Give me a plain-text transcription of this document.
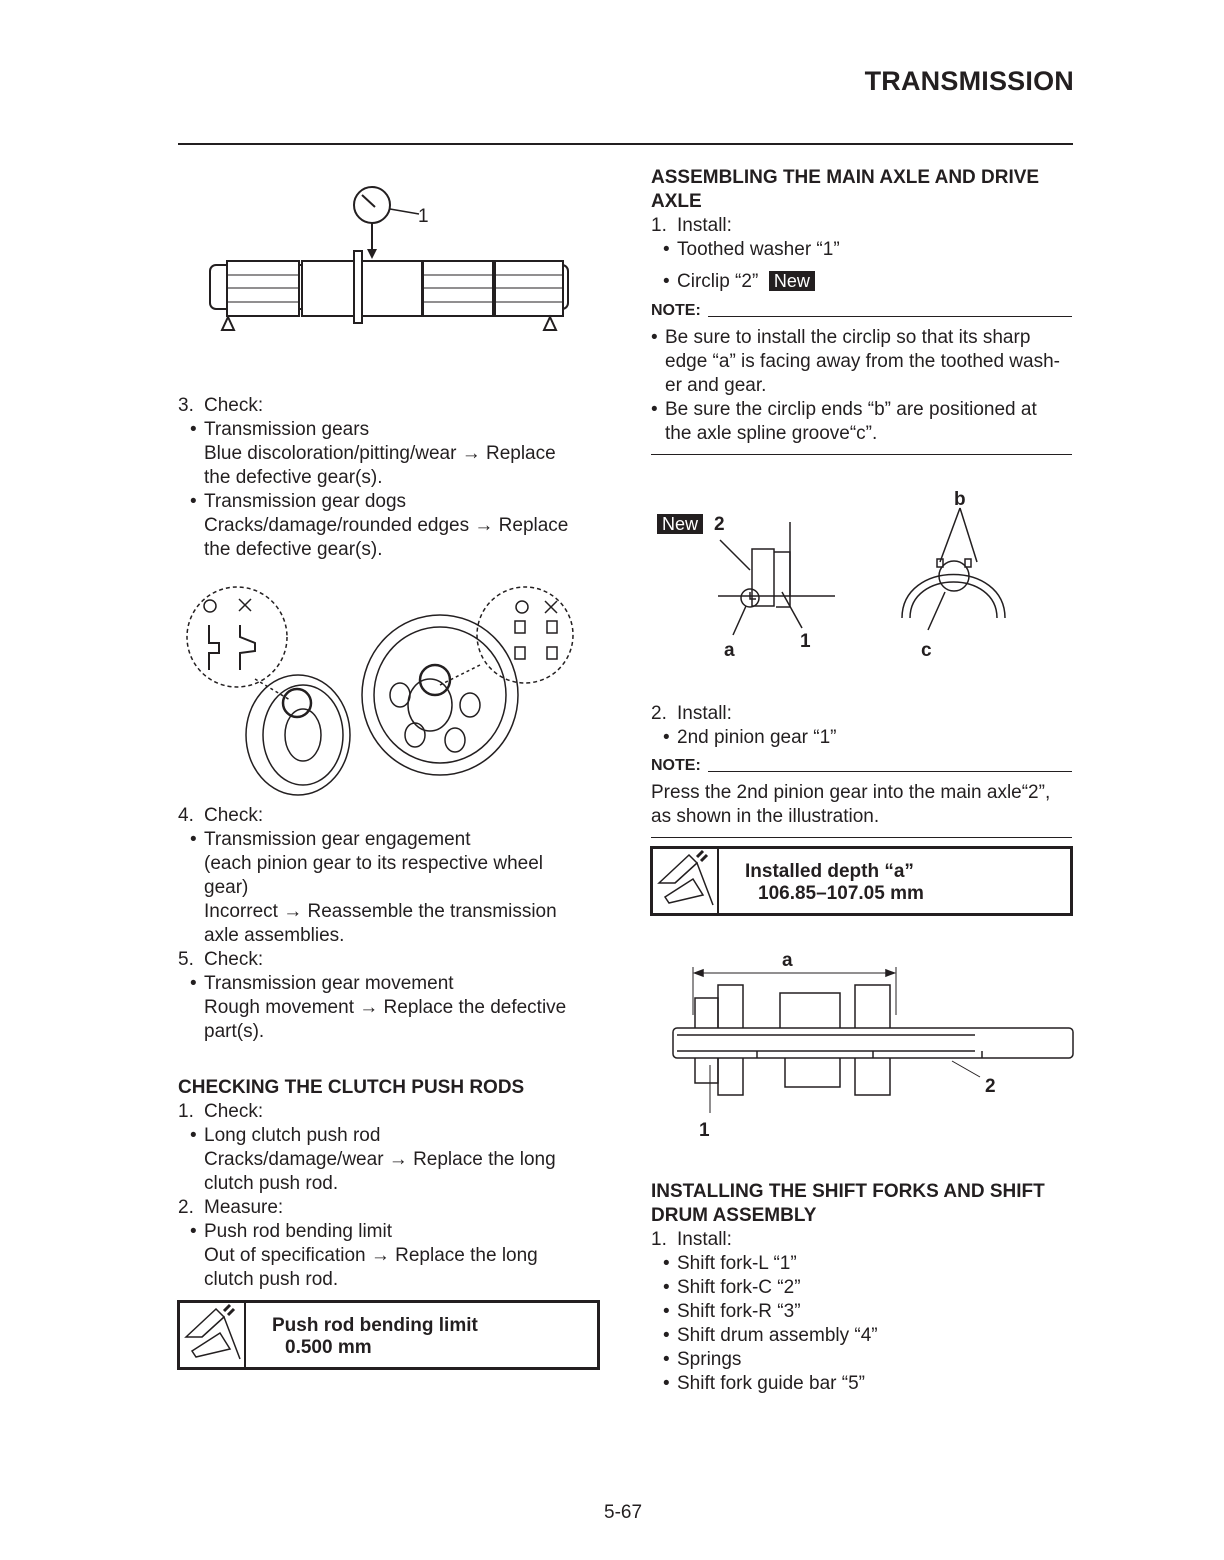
TRANSMISSION
1
3. Check:
• Transmission gears
Blue discoloration/pitting/wear → Replace
the defective gear(s).
• Transmission gear dogs
Cracks/damage/rounded edges → Replace
the defective gear(s).
4. Check:
• Transmission gear engagement
(each pinion gear to its respective wheel
gear)
Incorrect → Reassemble the transmission
axle assemblies.
5. Check:
• Transmission gear movement
Rough movement → Replace the defective
part(s).
CHECKING THE CLUTCH PUSH RODS
1. Check:
• Long clutch push rod
Cracks/damage/wear → Replace the long
clutch push rod.
2. Measure:
• Push rod bending limit
Out of specification → Replace the long
clutch push rod.
Push rod bending limit
0.500 mm
ASSEMBLING THE MAIN AXLE AND DRIVE
AXLE
1. Install:
• Toothed washer “1”
• Circlip “2” New
NOTE:
• Be sure to install the circlip so that its sharp
edge “a” is facing away from the toothed wash-
er and gear.
• Be sure the circlip ends “b” are positioned at
the axle spline groove“c”.
New 2
a	1
b
c
2. Install:
• 2nd pinion gear “1”
NOTE:
Press the 2nd pinion gear into the main axle“2”,
as shown in the illustration.
Installed depth “a”
106.85–107.05 mm
a
1
2
INSTALLING THE SHIFT FORKS AND SHIFT
DRUM ASSEMBLY
1. Install:
• Shift fork-L “1”
• Shift fork-C “2”
• Shift fork-R “3”
• Shift drum assembly “4”
• Springs
• Shift fork guide bar “5”
5-67
